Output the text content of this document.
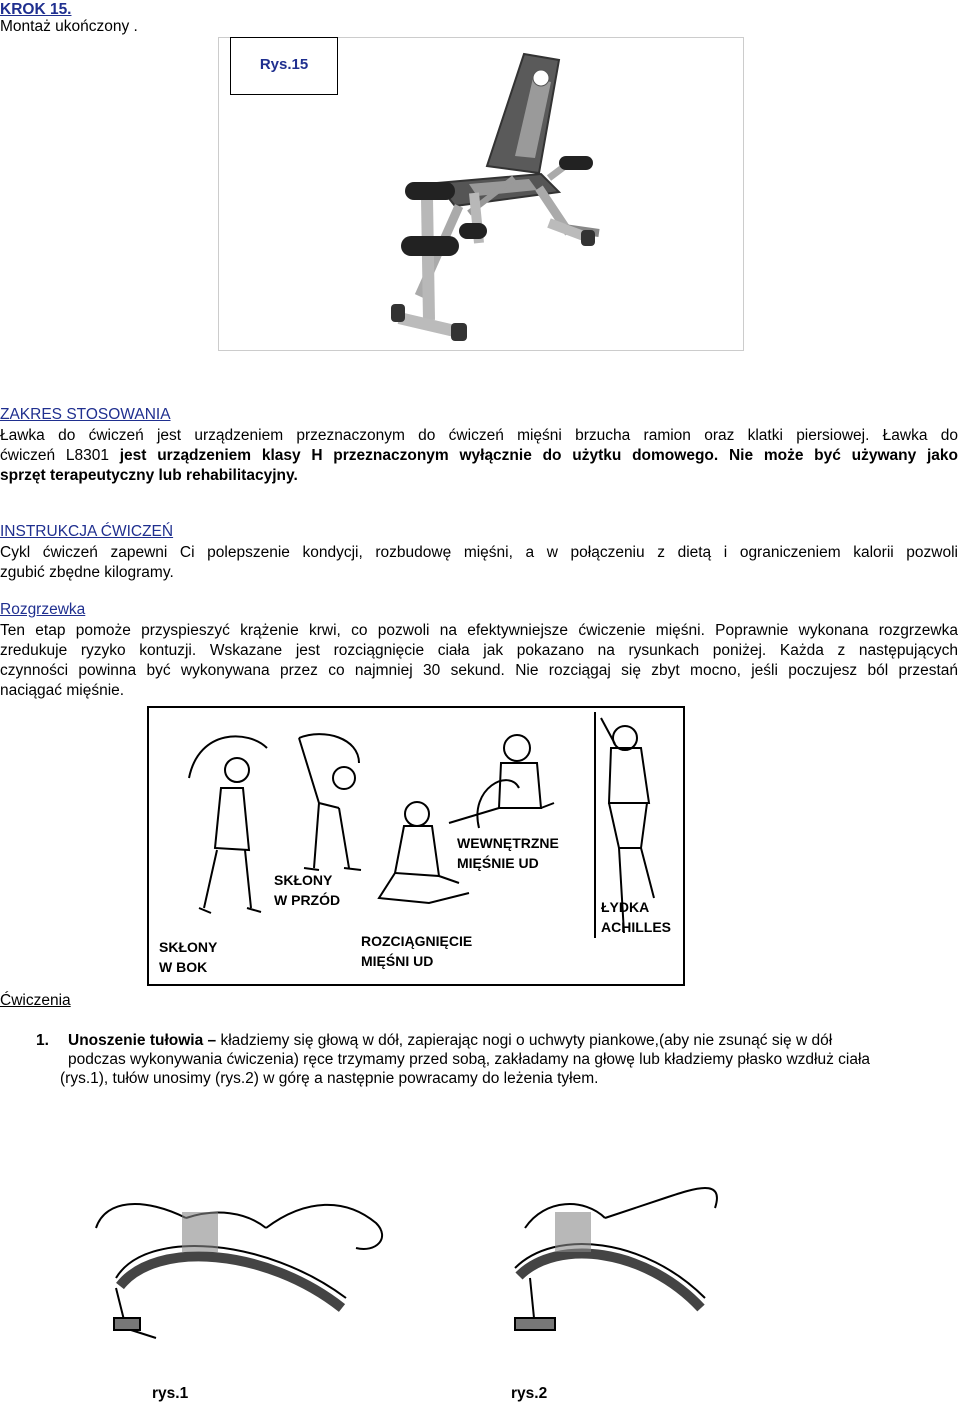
KROK 15.
Montaż ukończony .
Rys.15
ZAKRES STOSOWANIA
Ławka do ćwiczeń jest urządzeniem przeznaczonym do ćwiczeń mięśni brzucha ramion oraz klatki piersiowej. Ławka do
ćwiczeń L8301 jest urządzeniem klasy H przeznaczonym wyłącznie do użytku domowego. Nie może być używany jako
sprzęt terapeutyczny lub rehabilitacyjny.
INSTRUKCJA ĆWICZEŃ
Cykl ćwiczeń zapewni Ci polepszenie kondycji, rozbudowę mięśni, a w połączeniu z dietą i ograniczeniem kalorii pozwoli
zgubić zbędne kilogramy.
Rozgrzewka
Ten etap pomoże przyspieszyć krążenie krwi, co pozwoli na efektywniejsze ćwiczenie mięśni. Poprawnie wykonana rozgrzewka
zredukuje ryzyko kontuzji. Wskazane jest rozciągnięcie ciała jak pokazano na rysunkach poniżej. Każda z następujących
czynności powinna być wykonywana przez co najmniej 30 sekund. Nie rozciągaj się zbyt mocno, jeśli poczujesz ból przestań
naciągać mięśnie.
SKŁONY
W PRZÓD
SKŁONY
W BOK
ROZCIĄGNIĘCIE
MIĘŚNI UD
WEWNĘTRZNE
MIĘŚNIE UD
ŁYDKA
ACHILLES
Ćwiczenia
1. Unoszenie tułowia – kładziemy się głową w dół, zapierając nogi o uchwyty piankowe,(aby nie zsunąć się w dół
podczas wykonywania ćwiczenia) ręce trzymamy przed sobą, zakładamy na głowę lub kładziemy płasko wzdłuż ciała
(rys.1), tułów unosimy (rys.2) w górę a następnie powracamy do leżenia tyłem.
rys.1	rys.2
